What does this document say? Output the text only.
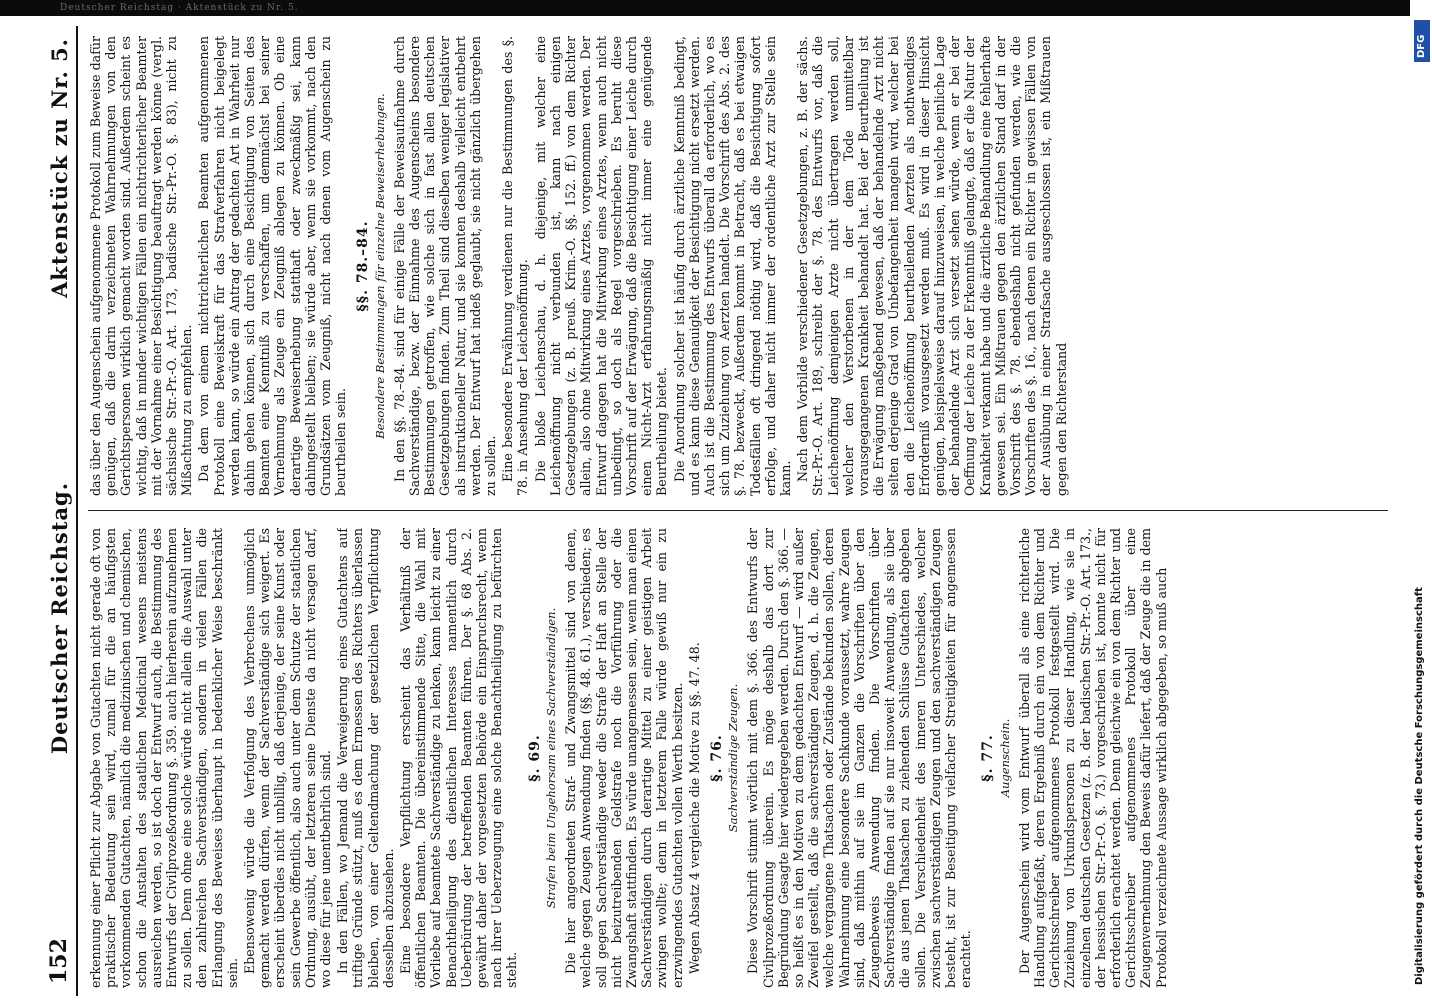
Deutscher Reichstag · Aktenstück zu Nr. 5.
152
Deutscher Reichstag.
Aktenstück zu Nr. 5.

erkennung einer Pflicht zur Abgabe von Gutachten nicht gerade oft von praktischer Bedeutung sein wird, zumal für die an häufigsten vorkommenden Gutachten, nämlich die medizinischen und chemischen, schon die Anstalten des staatlichen Medicinal wesens meistens ausreichen werden, so ist doch der Entwurf auch, die Bestimmung des Entwurfs der Civilprozeßordnung §. 359. auch hierherein aufzunehmen zu sollen. Denn ohne eine solche würde nicht allein die Auswahl unter den zahlreichen Sachverständigen, sondern in vielen Fällen die Erlangung des Beweises überhaupt in bedenklicher Weise beschränkt sein. Ebensowenig würde die Verfolgung des Verbrechens unmöglich gemacht werden dürfen, wenn der Sachverständige sich weigert. Es erscheint überdies nicht unbillig, daß derjenige, der seine Kunst oder sein Gewerbe öffentlich, also auch unter dem Schutze der staatlichen Ordnung, ausübt, der letzteren seine Dienste da nicht versagen darf, wo diese für jene unentbehrlich sind. In den Fällen, wo Jemand die Verweigerung eines Gutachtens auf triftige Gründe stützt, muß es dem Ermessen des Richters überlassen bleiben, von einer Geltendmachung der gesetzlichen Verpflichtung desselben abzusehen. Eine besondere Verpflichtung erscheint das Verhältniß der öffentlichen Beamten. Die übereinstimmende Sitte, die Wahl mit Vorliebe auf beamtete Sachverständige zu lenken, kann leicht zu einer Benachtheiligung des dienstlichen Interesses namentlich durch Ueberbürdung der betreffenden Beamten führen. Der §. 68 Abs. 2. gewährt daher der vorgesetzten Behörde ein Einspruchsrecht, wenn nach ihrer Ueberzeugung eine solche Benachtheiligung zu befürchten steht.

§. 69. Strafen beim Ungehorsam eines Sachverständigen. Die hier angeordneten Straf- und Zwangsmittel sind von denen, welche gegen Zeugen Anwendung finden (§§. 48. 61.), verschieden; es soll gegen Sachverständige weder die Strafe der Haft an Stelle der nicht beizutreibenden Geldstrafe noch die Vorführung oder die Zwangshaft stattfinden. Es würde unangemessen sein, wenn man einen Sachverständigen durch derartige Mittel zu einer geistigen Arbeit zwingen wollte; denn in letzterem Falle würde gewiß nur ein zu erzwingendes Gutachten vollen Werth besitzen. Wegen Absatz 4 vergleiche die Motive zu §§. 47. 48. §. 76. Sachverständige Zeugen. Diese Vorschrift stimmt wörtlich mit dem §. 366. des Entwurfs der Civilprozeßordnung überein. Es möge deshalb das dort zur Begründung Gesagte hier wiedergegeben werden. Durch den §. 366. — so heißt es in den Motiven zu dem gedachten Entwurf — wird außer Zweifel gestellt, daß die sachverständigen Zeugen, d. h. die Zeugen, welche vergangene Thatsachen oder Zustände bekunden sollen, deren Wahrnehmung eine besondere Sachkunde voraussetzt, wahre Zeugen sind, daß mithin auf sie im Ganzen die Vorschriften über den Zeugenbeweis Anwendung finden. Die Vorschriften über Sachverständige finden auf sie nur insoweit Anwendung, als sie über die aus jenen Thatsachen zu ziehenden Schlüsse Gutachten abgeben sollen. Die Verschiedenheit des inneren Unterschiedes, welcher zwischen sachverständigen Zeugen und den sachverständigen Zeugen besteht, ist zur Beseitigung vielfacher Streitigkeiten für angemessen erachtet.

§. 77. Augenschein. Der Augenschein wird vom Entwurf überall als eine richterliche Handlung aufgefaßt, deren Ergebniß durch ein von dem Richter und Gerichtsschreiber aufgenommenes Protokoll festgestellt wird. Die Zuziehung von Urkundspersonen zu dieser Handlung, wie sie in einzelnen deutschen Gesetzen (z. B. der badischen Str.-Pr.-O. Art. 173., der hessischen Str.-Pr.-O. §. 73.) vorgeschrieben ist, konnte nicht für erforderlich erachtet werden. Denn gleichwie ein von dem Richter und Gerichtsschreiber aufgenommenes Protokoll über eine Zeugenvernehmung den Beweis dafür liefert, daß der Zeuge die in dem Protokoll verzeichnete Aussage wirklich abgegeben, so muß auch

das über den Augenschein aufgenommene Protokoll zum Beweise dafür genügen, daß die darin verzeichneten Wahrnehmungen von den Gerichtspersonen wirklich gemacht worden sind. Außerdem scheint es wichtig, daß in minder wichtigen Fällen ein nichtrichterlicher Beamter mit der Vornahme einer Besichtigung beauftragt werden könne (vergl. sächsische Str.-Pr.-O. Art. 173, badische Str.-Pr.-O. §. 83), nicht zu Mißachtung zu empfehlen. Da dem von einem nichtrichterlichen Beamten aufgenommenen Protokoll eine Beweiskraft für das Strafverfahren nicht beigelegt werden kann, so würde ein Antrag der gedachten Art in Wahrheit nur dahin gehen können, sich durch eine Besichtigung von Seiten des Beamten eine Kenntniß zu verschaffen, um demnächst bei seiner Vernehmung als Zeuge ein Zeugniß ablegen zu können. Ob eine derartige Beweiserhebung statthaft oder zweckmäßig sei, kann dahingestellt bleiben; sie würde aber, wenn sie vorkommt, nach den Grundsätzen vom Zeugniß, nicht nach denen vom Augenschein zu beurtheilen sein.

§§. 78.–84. Besondere Bestimmungen für einzelne Beweiserhebungen. In den §§. 78.–84. sind für einige Fälle der Beweisaufnahme durch Sachverständige, bezw. der Einnahme des Augenscheins besondere Bestimmungen getroffen, wie solche sich in fast allen deutschen Gesetzgebungen finden. Zum Theil sind dieselben weniger legislativer als instruktioneller Natur, und sie konnten deshalb vielleicht entbehrt werden. Der Entwurf hat indeß geglaubt, sie nicht gänzlich übergehen zu sollen. Eine besondere Erwähnung verdienen nur die Bestimmungen des §. 78. in Ansehung der Leichenöffnung. Die bloße Leichenschau, d. h. diejenige, mit welcher eine Leichenöffnung nicht verbunden ist, kann nach einigen Gesetzgebungen (z. B. preuß. Krim.-O. §§. 152. ff.) von dem Richter allein, also ohne Mitwirkung eines Arztes, vorgenommen werden. Der Entwurf dagegen hat die Mitwirkung eines Arztes, wenn auch nicht unbedingt, so doch als Regel vorgeschrieben. Es beruht diese Vorschrift auf der Erwägung, daß die Besichtigung einer Leiche durch einen Nicht-Arzt erfahrungsmäßig nicht immer eine genügende Beurtheilung bietet. Die Anordnung solcher ist häufig durch ärztliche Kenntniß bedingt, und es kann diese Genauigkeit der Besichtigung nicht ersetzt werden. Auch ist die Bestimmung des Entwurfs überall da erforderlich, wo es sich um Zuziehung von Aerzten handelt. Die Vorschrift des Abs. 2. des §. 78. bezweckt, Außerdem kommt in Betracht, daß es bei etwaigen Todesfällen oft dringend nöthig wird, daß die Besichtigung sofort erfolge, und daher nicht immer der ordentliche Arzt zur Stelle sein kann. Nach dem Vorbilde verschiedener Gesetzgebungen, z. B. der sächs. Str.-Pr.-O. Art. 189, schreibt der §. 78. des Entwurfs vor, daß die Leichenöffnung demjenigen Arzte nicht übertragen werden soll, welcher den Verstorbenen in der dem Tode unmittelbar vorausgegangenen Krankheit behandelt hat. Bei der Beurtheilung ist die Erwägung maßgebend gewesen, daß der behandelnde Arzt nicht selten derjenige Grad von Unbefangenheit mangeln wird, welcher bei den die Leichenöffnung beurtheilenden Aerzten als nothwendiges Erforderniß vorausgesetzt werden muß. Es wird in dieser Hinsicht genügen, beispielsweise darauf hinzuweisen, in welche peinliche Lage der behandelnde Arzt sich versetzt sehen würde, wenn er bei der Oeffnung der Leiche zu der Erkenntniß gelangte, daß er die Natur der Krankheit verkannt habe und die ärztliche Behandlung eine fehlerhafte gewesen sei. Ein Mißtrauen gegen den ärztlichen Stand darf in der Vorschrift des §. 78. ebendeshalb nicht gefunden werden, wie die Vorschriften des §. 16., nach denen ein Richter in gewissen Fällen von der Ausübung in einer Strafsache ausgeschlossen ist, ein Mißtrauen gegen den Richterstand

Digitalisierung gefördert durch die Deutsche Forschungsgemeinschaft
DFG
